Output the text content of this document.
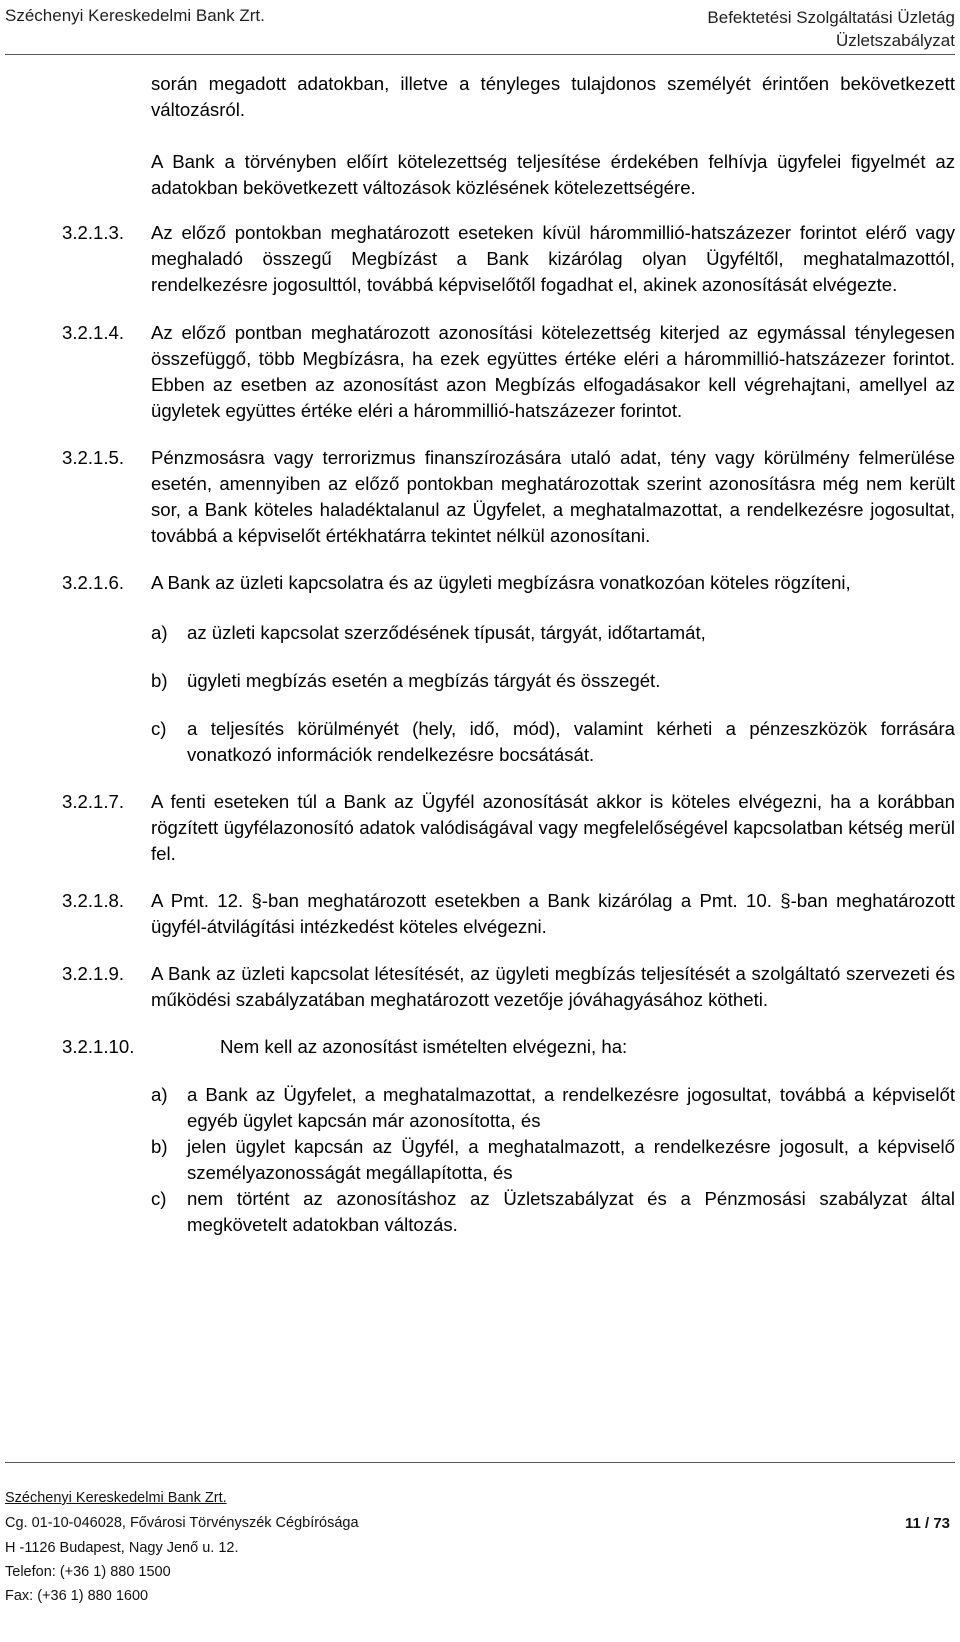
Széchenyi Kereskedelmi Bank Zrt.	Befektetési Szolgáltatási Üzletág
Üzletszabályzat
során megadott adatokban, illetve a tényleges tulajdonos személyét érintően bekövetkezett változásról.
A Bank a törvényben előírt kötelezettség teljesítése érdekében felhívja ügyfelei figyelmét az adatokban bekövetkezett változások közlésének kötelezettségére.
3.2.1.3.	Az előző pontokban meghatározott eseteken kívül hárommillió-hatszázezer forintot elérő vagy meghaladó összegű Megbízást a Bank kizárólag olyan Ügyféltől, meghatalmazottól, rendelkezésre jogosulttól, továbbá képviselőtől fogadhat el, akinek azonosítását elvégezte.
3.2.1.4.	Az előző pontban meghatározott azonosítási kötelezettség kiterjed az egymással ténylegesen összefüggő, több Megbízásra, ha ezek együttes értéke eléri a hárommillió-hatszázezer forintot. Ebben az esetben az azonosítást azon Megbízás elfogadásakor kell végrehajtani, amellyel az ügyletek együttes értéke eléri a hárommillió-hatszázezer forintot.
3.2.1.5.	Pénzmosásra vagy terrorizmus finanszírozására utaló adat, tény vagy körülmény felmerülése esetén, amennyiben az előző pontokban meghatározottak szerint azonosításra még nem került sor, a Bank köteles haladéktalanul az Ügyfelet, a meghatalmazottat, a rendelkezésre jogosultat, továbbá a képviselőt értékhatárra tekintet nélkül azonosítani.
3.2.1.6.	A Bank az üzleti kapcsolatra és az ügyleti megbízásra vonatkozóan köteles rögzíteni,
a)	az üzleti kapcsolat szerződésének típusát, tárgyát, időtartamát,
b)	ügyleti megbízás esetén a megbízás tárgyát és összegét.
c)	a teljesítés körülményét (hely, idő, mód), valamint kérheti a pénzeszközök forrására vonatkozó információk rendelkezésre bocsátását.
3.2.1.7.	A fenti eseteken túl a Bank az Ügyfél azonosítását akkor is köteles elvégezni, ha a korábban rögzített ügyfélazonosító adatok valódiságával vagy megfelelőségével kapcsolatban kétség merül fel.
3.2.1.8.	A Pmt. 12. §-ban meghatározott esetekben a Bank kizárólag a Pmt. 10. §-ban meghatározott ügyfél-átvilágítási intézkedést köteles elvégezni.
3.2.1.9.	A Bank az üzleti kapcsolat létesítését, az ügyleti megbízás teljesítését a szolgáltató szervezeti és működési szabályzatában meghatározott vezetője jóváhagyásához kötheti.
3.2.1.10.	Nem kell az azonosítást ismételten elvégezni, ha:
a)	a Bank az Ügyfelet, a meghatalmazottat, a rendelkezésre jogosultat, továbbá a képviselőt egyéb ügylet kapcsán már azonosította, és
b)	jelen ügylet kapcsán az Ügyfél, a meghatalmazott, a rendelkezésre jogosult, a képviselő személyazonosságát megállapította, és
c)	nem történt az azonosításhoz az Üzletszabályzat és a Pénzmosási szabályzat által megkövetelt adatokban változás.
Széchenyi Kereskedelmi Bank Zrt.
Cg. 01-10-046028, Fővárosi Törvényszék Cégbírósága
H -1126 Budapest, Nagy Jenő u. 12.
Telefon: (+36 1) 880 1500
Fax: (+36 1) 880 1600
11 / 73
